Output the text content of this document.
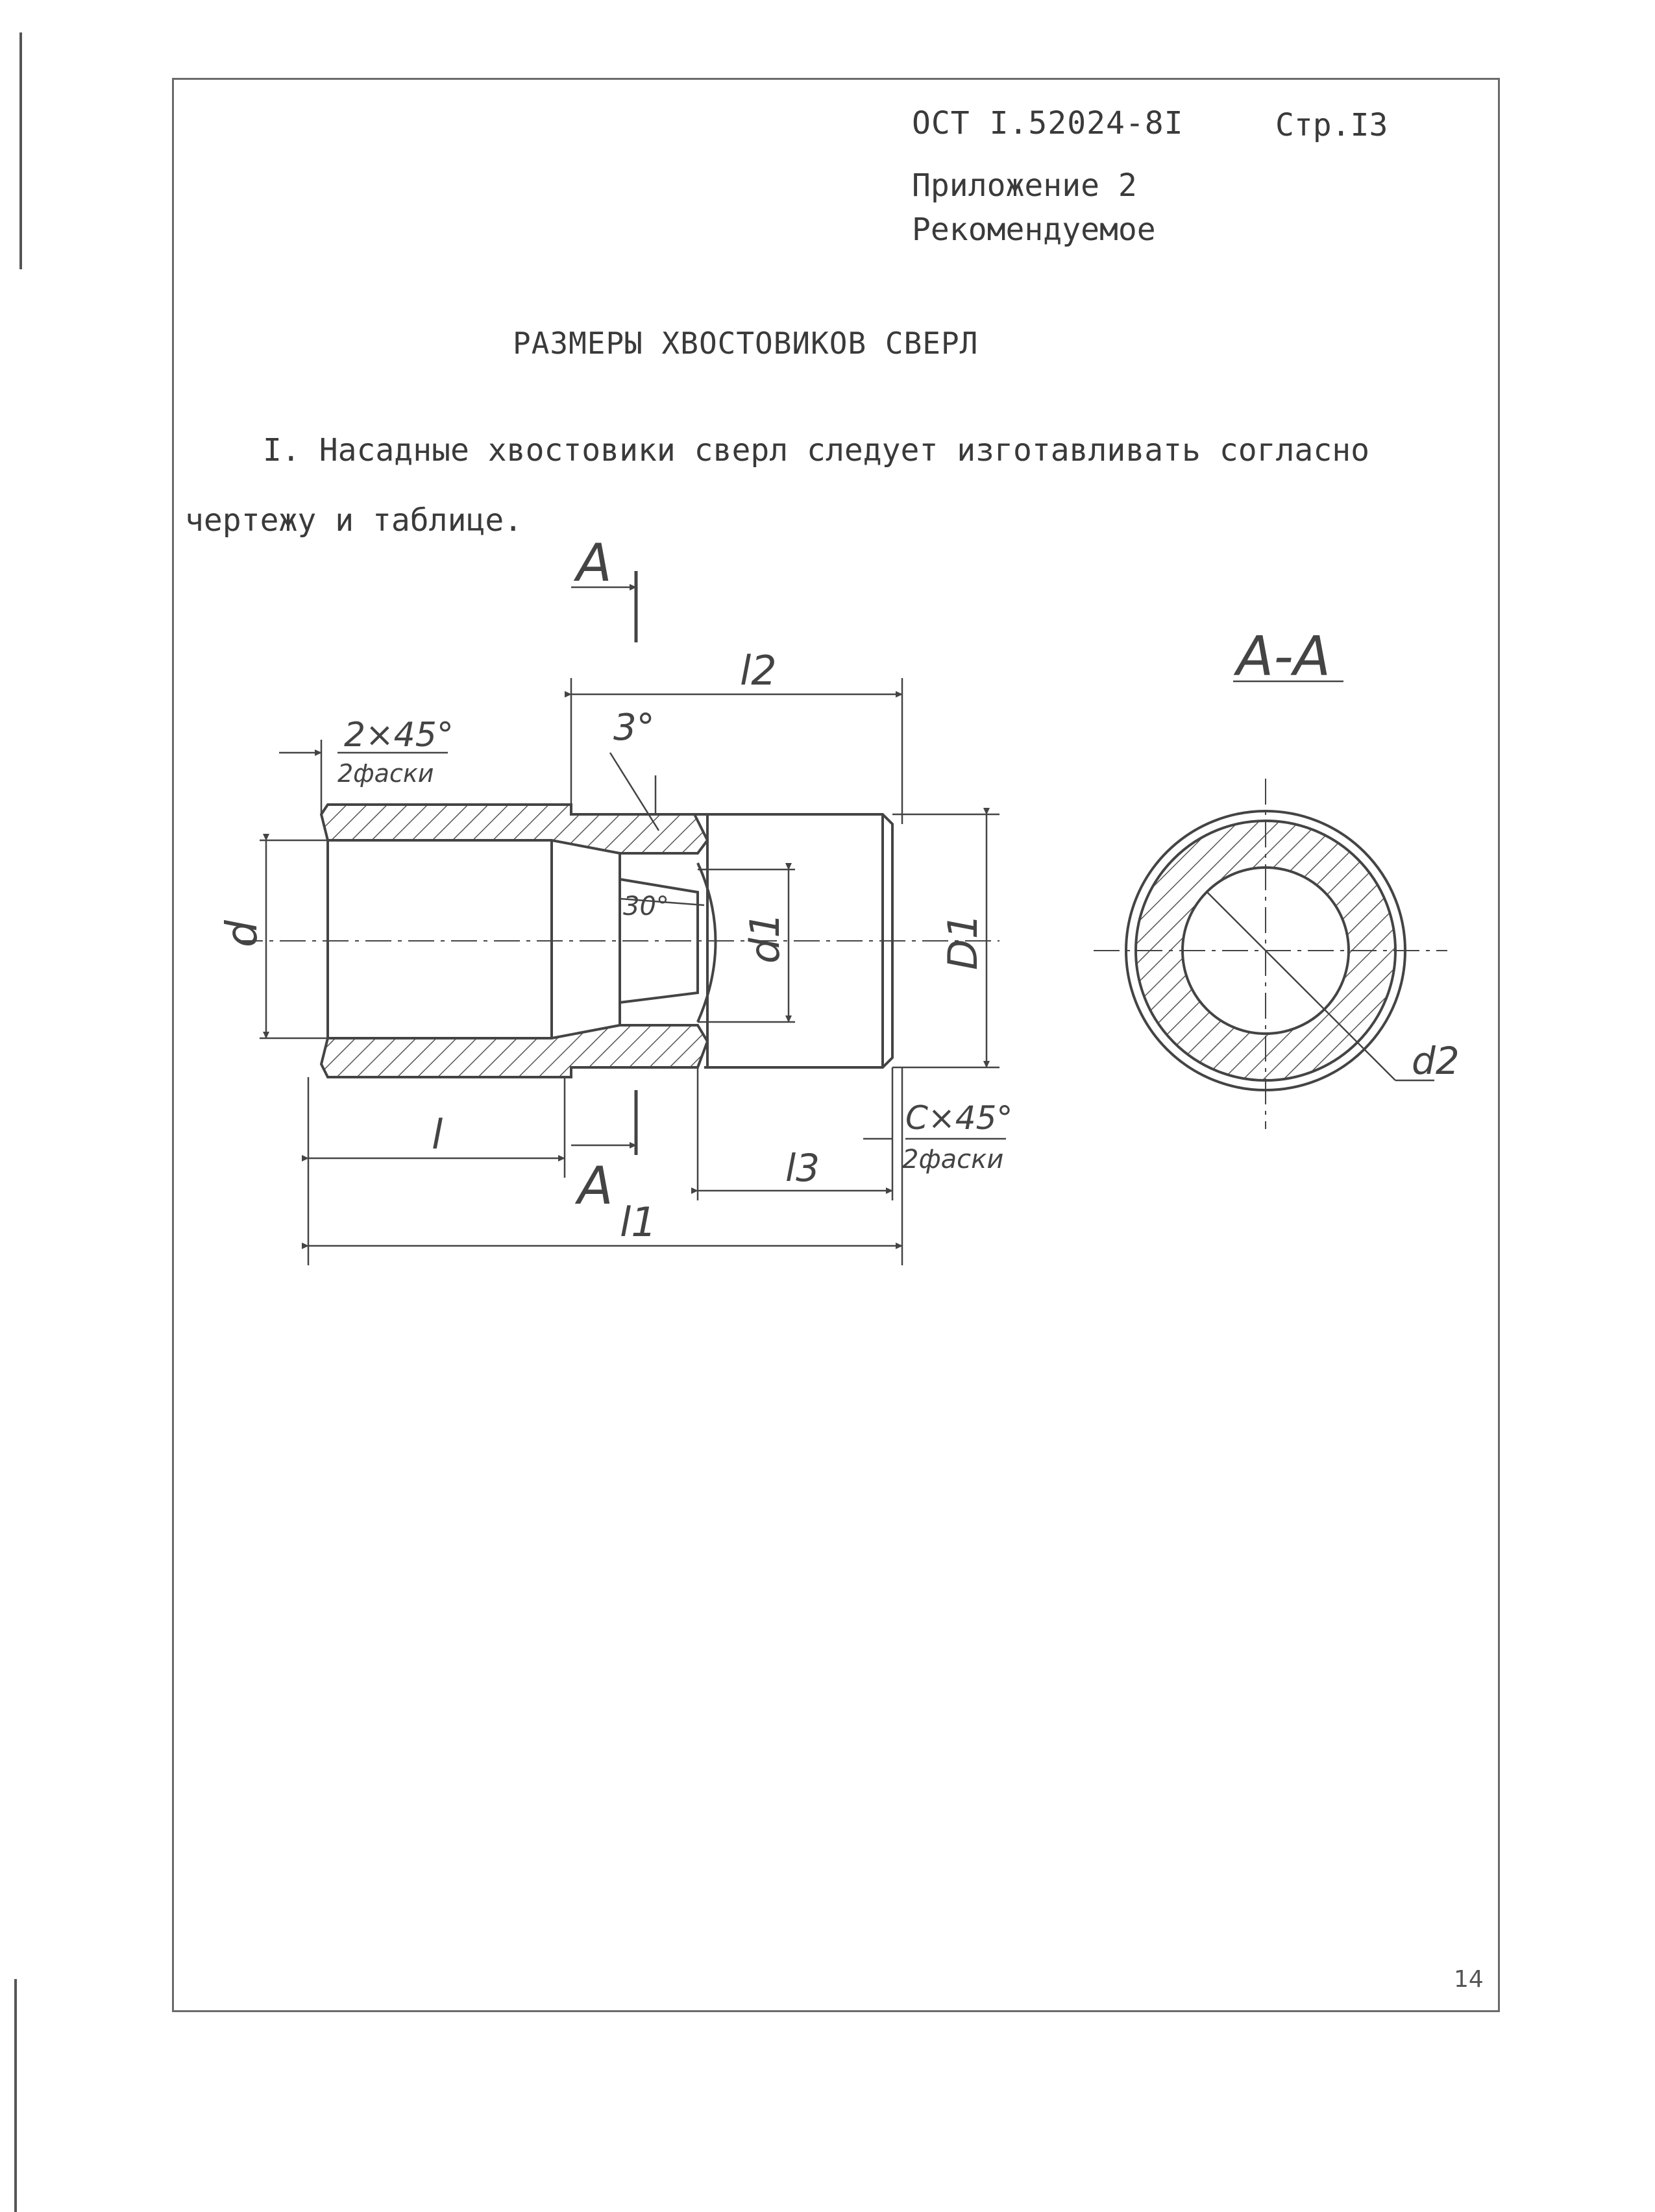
ОСТ I.52024-8I	Стр.I3
Приложение 2
Рекомендуемое
РАЗМЕРЫ ХВОСТОВИКОВ СВЕРЛ
I. Насадные хвостовики сверл следует изготавливать согласно чертежу и таблице.
A
A
A-A
2×45°
2фаски
3°
30°
C×45°
2фаски
d	d1	D1
d2
l
l1
l2
l3
14
